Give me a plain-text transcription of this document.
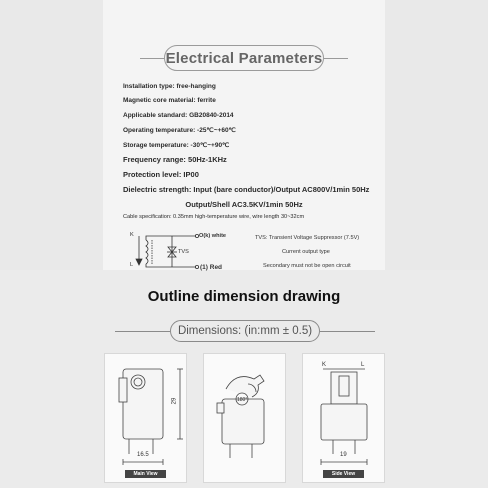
Electrical Parameters
Installation type: free-hanging
Magnetic core material: ferrite
Applicable standard: GB20840-2014
Operating temperature: -25℃~+60℃
Storage temperature: -30℃~+90℃
Frequency range: 50Hz-1KHz
Protection level: IP00
Dielectric strength: Input (bare conductor)/Output AC800V/1min 50Hz
Output/Shell AC3.5KV/1min 50Hz
Cable specification: 0.35mm high-temperature wire, wire length 30~32cm
K
L
TVS
O(k) white
(1) Red
TVS: Transient Voltage Suppressor (7.5V)
Current output type
Secondary must not be open circuit
Outline dimension drawing
Dimensions: (in:mm ± 0.5)
29
16.5
Main View
180°
K	L
19
Side View
